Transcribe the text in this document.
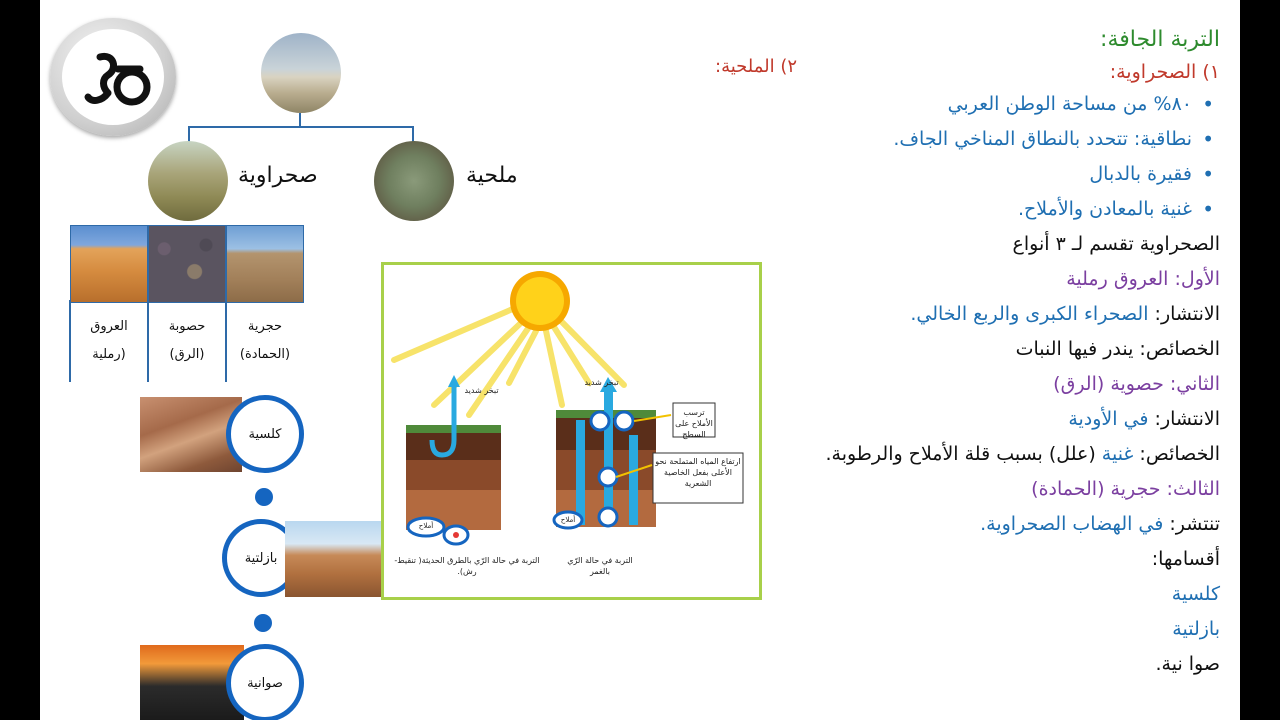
صحراوية	ملحية
العروق
(رملية
حصوبة
(الرق)
حجرية
(الحمادة)
كلسية
بازلتية
صوانية
تبخر شديد
تبخر شديد
ترسب الأملاح على السطح
ارتفاع المياه المتملحة نحو الأعلى بفعل الخاصية الشعرية
أملاح
أملاح
التربة في حالة الرّي بالطرق الحديثة( تنقيط-رش).
التربة في حالة الرّي بالغمر
٢) الملحية:
التربة الجافة:
١) الصحراوية:
• ٨٠% من مساحة الوطن العربي
• نطاقية: تتحدد بالنطاق المناخي الجاف.
• فقيرة بالدبال
• غنية بالمعادن والأملاح.
الصحراوية تقسم لـ ٣ أنواع
الأول: العروق رملية
الانتشار: الصحراء الكبرى والربع الخالي.
الخصائص: يندر فيها النبات
الثاني: حصوية (الرق)
الانتشار: في الأودية
الخصائص: غنية (علل) بسبب قلة الأملاح والرطوبة.
الثالث: حجرية (الحمادة)
تنتشر: في الهضاب الصحراوية.
أقسامها:
كلسية
بازلتية
صوا نية.
